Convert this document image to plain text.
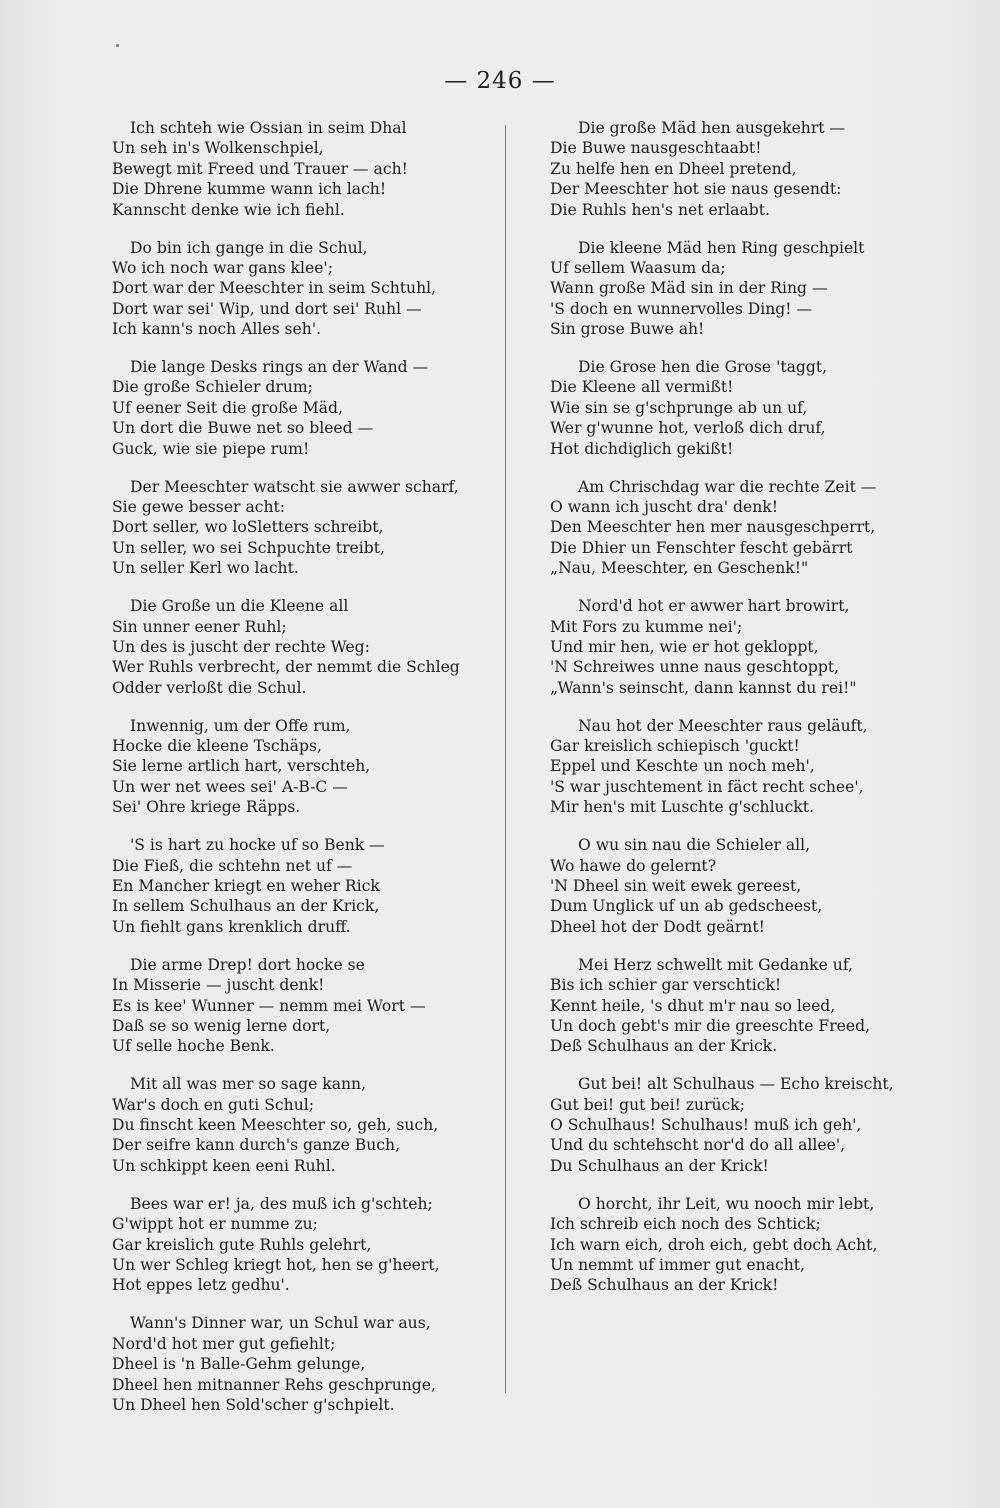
— 246 —
Ich schteh wie Ossian in seim Dhal
Un seh in's Wolkenschpiel,
Bewegt mit Freed und Trauer — ach!
Die Dhrene kumme wann ich lach!
Kannscht denke wie ich fiehl.
Do bin ich gange in die Schul,
Wo ich noch war gans klee';
Dort war der Meeschter in seim Schtuhl,
Dort war sei' Wip, und dort sei' Ruhl —
Ich kann's noch Alles seh'.
Die lange Desks rings an der Wand —
Die große Schieler drum;
Uf eener Seit die große Mäd,
Un dort die Buwe net so bleed —
Guck, wie sie piepe rum!
Der Meeschter watscht sie awwer scharf,
Sie gewe besser acht:
Dort seller, wo loSletters schreibt,
Un seller, wo sei Schpuchte treibt,
Un seller Kerl wo lacht.
Die Große un die Kleene all
Sin unner eener Ruhl;
Un des is juscht der rechte Weg:
Wer Ruhls verbrecht, der nemmt die Schleg
Odder verloßt die Schul.
Inwennig, um der Offe rum,
Hocke die kleene Tschäps,
Sie lerne artlich hart, verschteh,
Un wer net wees sei' A-B-C —
Sei' Ohre kriege Räpps.
'S is hart zu hocke uf so Benk —
Die Fieß, die schtehn net uf —
En Mancher kriegt en weher Rick
In sellem Schulhaus an der Krick,
Un fiehlt gans krenklich druff.
Die arme Drep! dort hocke se
In Misserie — juscht denk!
Es is kee' Wunner — nemm mei Wort —
Daß se so wenig lerne dort,
Uf selle hoche Benk.
Mit all was mer so sage kann,
War's doch en guti Schul;
Du finscht keen Meeschter so, geh, such,
Der seifre kann durch's ganze Buch,
Un schkippt keen eeni Ruhl.
Bees war er! ja, des muß ich g'schteh;
G'wippt hot er numme zu;
Gar kreislich gute Ruhls gelehrt,
Un wer Schleg kriegt hot, hen se g'heert,
Hot eppes letz gedhu'.
Wann's Dinner war, un Schul war aus,
Nord'd hot mer gut gefiehlt;
Dheel is 'n Balle-Gehm gelunge,
Dheel hen mitnanner Rehs geschprunge,
Un Dheel hen Sold'scher g'schpielt.
Die große Mäd hen ausgekehrt —
Die Buwe nausgeschtaabt!
Zu helfe hen en Dheel pretend,
Der Meeschter hot sie naus gesendt:
Die Ruhls hen's net erlaabt.
Die kleene Mäd hen Ring geschpielt
Uf sellem Waasum da;
Wann große Mäd sin in der Ring —
'S doch en wunnervolles Ding! —
Sin grose Buwe ah!
Die Grose hen die Grose 'taggt,
Die Kleene all vermißt!
Wie sin se g'schprunge ab un uf,
Wer g'wunne hot, verloß dich druf,
Hot dichdiglich gekißt!
Am Chrischdag war die rechte Zeit —
O wann ich juscht dra' denk!
Den Meeschter hen mer nausgeschperrt,
Die Dhier un Fenschter fescht gebärrt
„Nau, Meeschter, en Geschenk!"
Nord'd hot er awwer hart browirt,
Mit Fors zu kumme nei';
Und mir hen, wie er hot gekloppt,
'N Schreiwes unne naus geschtoppt,
„Wann's seinscht, dann kannst du rei!"
Nau hot der Meeschter raus geläuft,
Gar kreislich schiepisch 'guckt!
Eppel und Keschte un noch meh',
'S war juschtement in fäct recht schee',
Mir hen's mit Luschte g'schluckt.
O wu sin nau die Schieler all,
Wo hawe do gelernt?
'N Dheel sin weit ewek gereest,
Dum Unglick uf un ab gedscheest,
Dheel hot der Dodt geärnt!
Mei Herz schwellt mit Gedanke uf,
Bis ich schier gar verschtick!
Kennt heile, 's dhut m'r nau so leed,
Un doch gebt's mir die greeschte Freed,
Deß Schulhaus an der Krick.
Gut bei! alt Schulhaus — Echo kreischt,
Gut bei! gut bei! zurück;
O Schulhaus! Schulhaus! muß ich geh',
Und du schtehscht nor'd do all allee',
Du Schulhaus an der Krick!
O horcht, ihr Leit, wu nooch mir lebt,
Ich schreib eich noch des Schtick;
Ich warn eich, droh eich, gebt doch Acht,
Un nemmt uf immer gut enacht,
Deß Schulhaus an der Krick!
